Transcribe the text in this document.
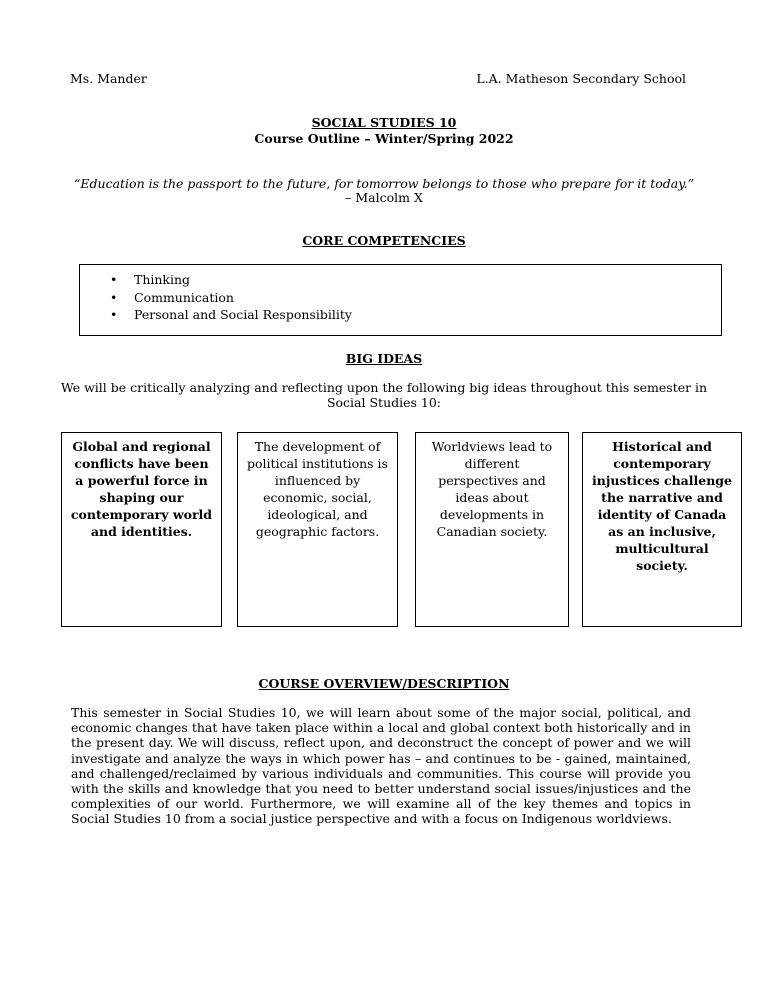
Ms. Mander	L.A. Matheson Secondary School
SOCIAL STUDIES 10
Course Outline – Winter/Spring 2022
“Education is the passport to the future, for tomorrow belongs to those who prepare for it today.”
– Malcolm X
CORE COMPETENCIES
• Thinking
• Communication
• Personal and Social Responsibility
BIG IDEAS
We will be critically analyzing and reflecting upon the following big ideas throughout this semester in Social Studies 10:
Global and regional conflicts have been a powerful force in shaping our contemporary world and identities.
The development of political institutions is influenced by economic, social, ideological, and geographic factors.
Worldviews lead to different perspectives and ideas about developments in Canadian society.
Historical and contemporary injustices challenge the narrative and identity of Canada as an inclusive, multicultural society.
COURSE OVERVIEW/DESCRIPTION
This semester in Social Studies 10, we will learn about some of the major social, political, and economic changes that have taken place within a local and global context both historically and in the present day. We will discuss, reflect upon, and deconstruct the concept of power and we will investigate and analyze the ways in which power has – and continues to be - gained, maintained, and challenged/reclaimed by various individuals and communities. This course will provide you with the skills and knowledge that you need to better understand social issues/injustices and the complexities of our world. Furthermore, we will examine all of the key themes and topics in Social Studies 10 from a social justice perspective and with a focus on Indigenous worldviews.
